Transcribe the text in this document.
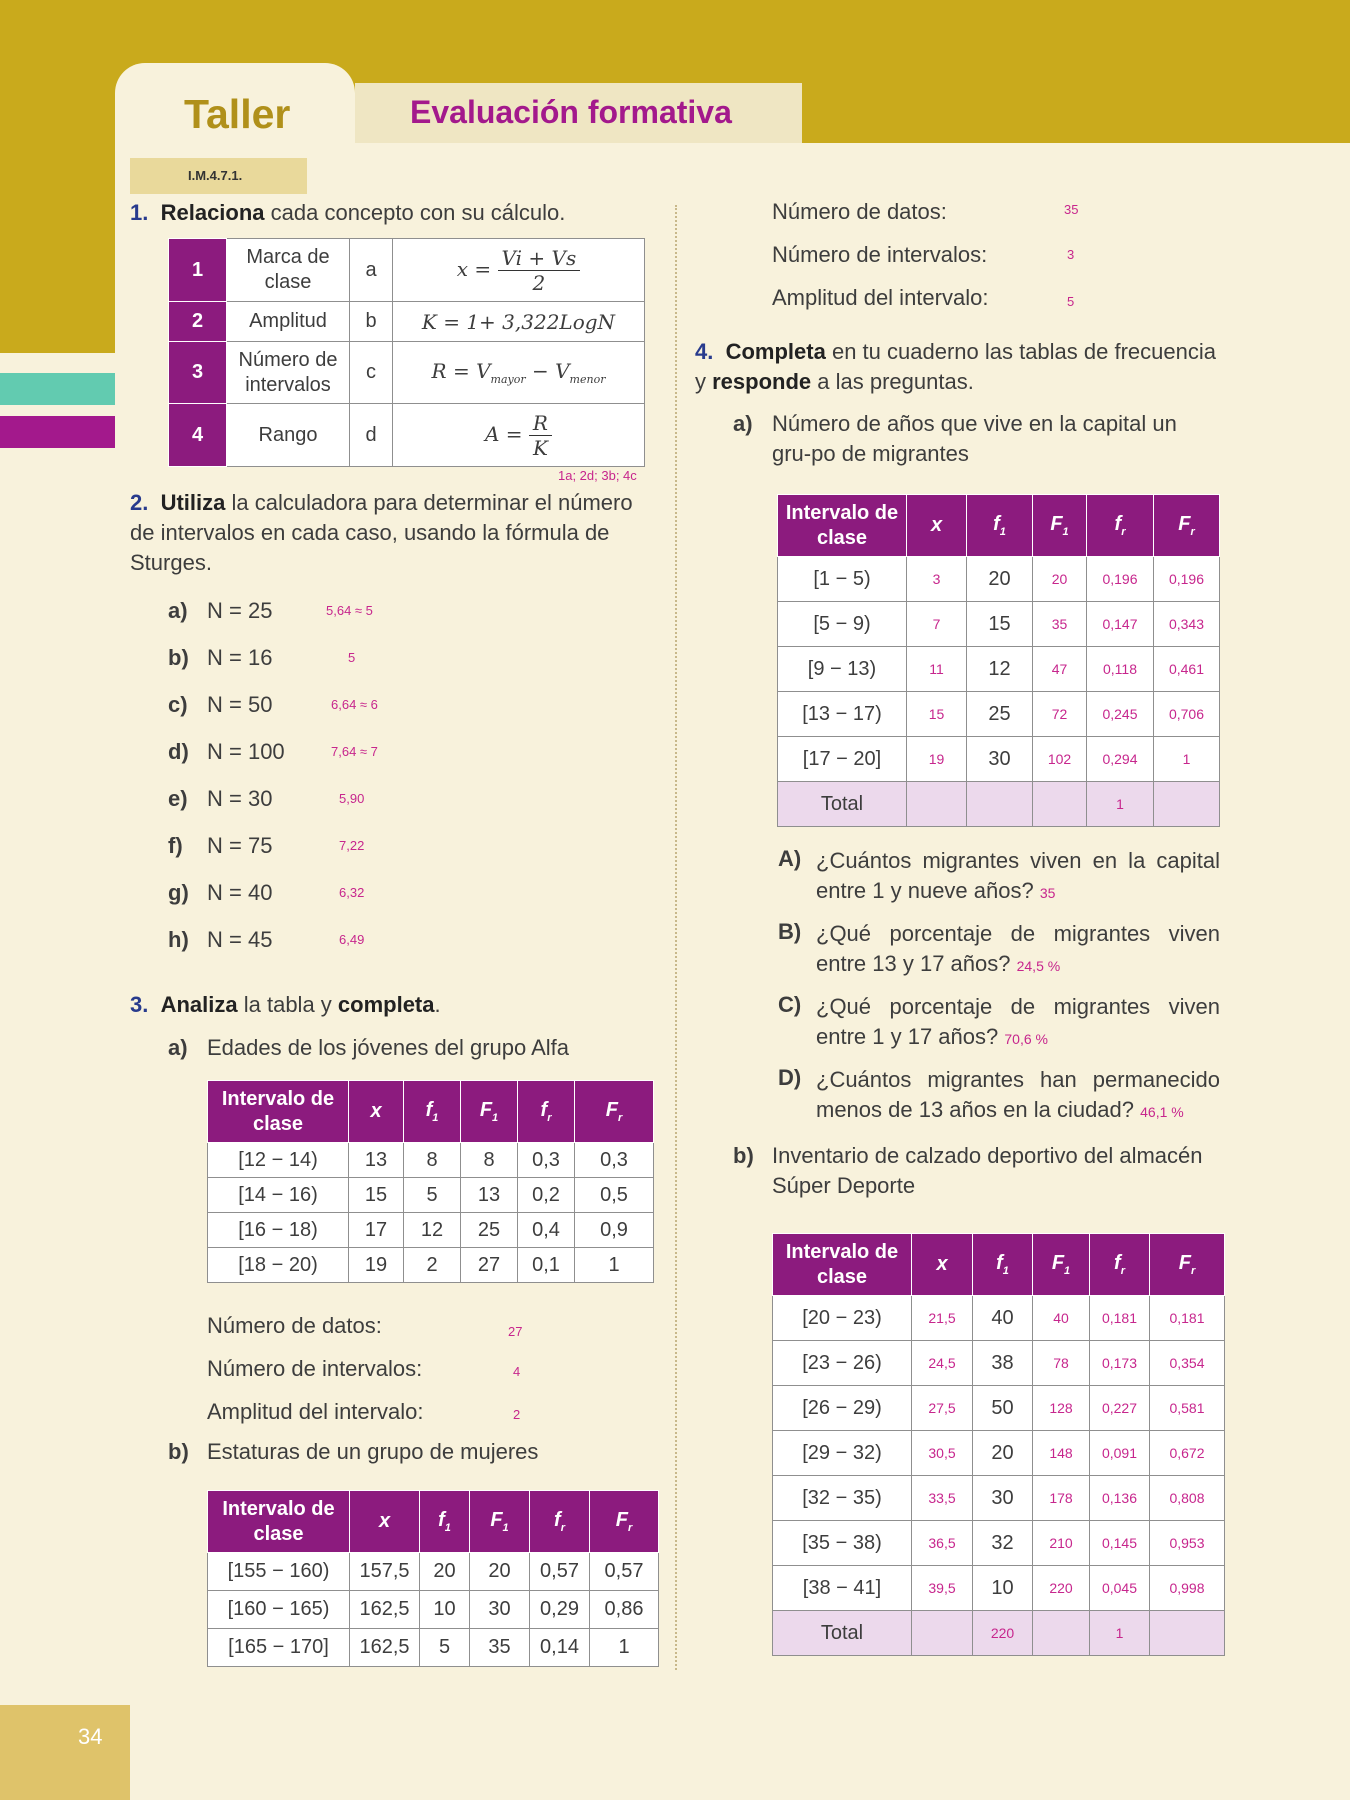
Taller	Evaluación formativa
I.M.4.7.1.
34
1. Relaciona cada concepto con su cálculo.
1	Marca de clase	a	$x = \frac{Vi + Vs}{2}$

2	Amplitud	b	K = 1+ 3,322LogN
3	Número de intervalos	c	$R = V_{mayor} - V_{menor}$
4	Rango	d	$A = \frac{R}{K}$
1a; 2d; 3b; 4c
2. Utiliza la calculadora para determinar el número de intervalos en cada caso, usando la fórmula de Sturges.
a) N = 25	5,64 ≈ 5
b) N = 16	5
c) N = 50	6,64 ≈ 6
d) N = 100	7,64 ≈ 7
e) N = 30	5,90
f) N = 75	7,22
g) N = 40	6,32
h) N = 45	6,49
3. Analiza la tabla y completa.
a) Edades de los jóvenes del grupo Alfa
Intervalo de clase	x	$f_1$	$F_1$	$f_r$	$F_r$
[12 − 14)	13	8	8	0,3	0,3
[14 − 16)	15	5	13	0,2	0,5
[16 − 18)	17	12	25	0,4	0,9
[18 − 20)	19	2	27	0,1	1
Número de datos:	27
Número de intervalos:	4
Amplitud del intervalo:	2
b) Estaturas de un grupo de mujeres
Intervalo de clase	x	$f_1$	$F_1$	$f_r$	$F_r$
[155 − 160)	157,5	20	20	0,57	0,57
[160 − 165)	162,5	10	30	0,29	0,86
[165 − 170]	162,5	5	35	0,14	1
Número de datos:	35
Número de intervalos:	3
Amplitud del intervalo:	5
4. Completa en tu cuaderno las tablas de frecuencia y responde a las preguntas.
a) Número de años que vive en la capital un gru-po de migrantes
Intervalo de clase	x	$f_1$	$F_1$	$f_r$	$F_r$
[1 − 5)	3	20	20	0,196	0,196
[5 − 9)	7	15	35	0,147	0,343
[9 − 13)	11	12	47	0,118	0,461
[13 − 17)	15	25	72	0,245	0,706
[17 − 20]	19	30	102	0,294	1
Total				1	
A) ¿Cuántos migrantes viven en la capital entre 1 y nueve años? 35
B) ¿Qué porcentaje de migrantes viven entre 13 y 17 años? 24,5 %
C) ¿Qué porcentaje de migrantes viven entre 1 y 17 años? 70,6 %
D) ¿Cuántos migrantes han permanecido menos de 13 años en la ciudad? 46,1 %
b) Inventario de calzado deportivo del almacén Súper Deporte
Intervalo de clase	x	$f_1$	$F_1$	$f_r$	$F_r$
[20 − 23)	21,5	40	40	0,181	0,181
[23 − 26)	24,5	38	78	0,173	0,354
[26 − 29)	27,5	50	128	0,227	0,581
[29 − 32)	30,5	20	148	0,091	0,672
[32 − 35)	33,5	30	178	0,136	0,808
[35 − 38)	36,5	32	210	0,145	0,953
[38 − 41]	39,5	10	220	0,045	0,998
Total		220		1	
